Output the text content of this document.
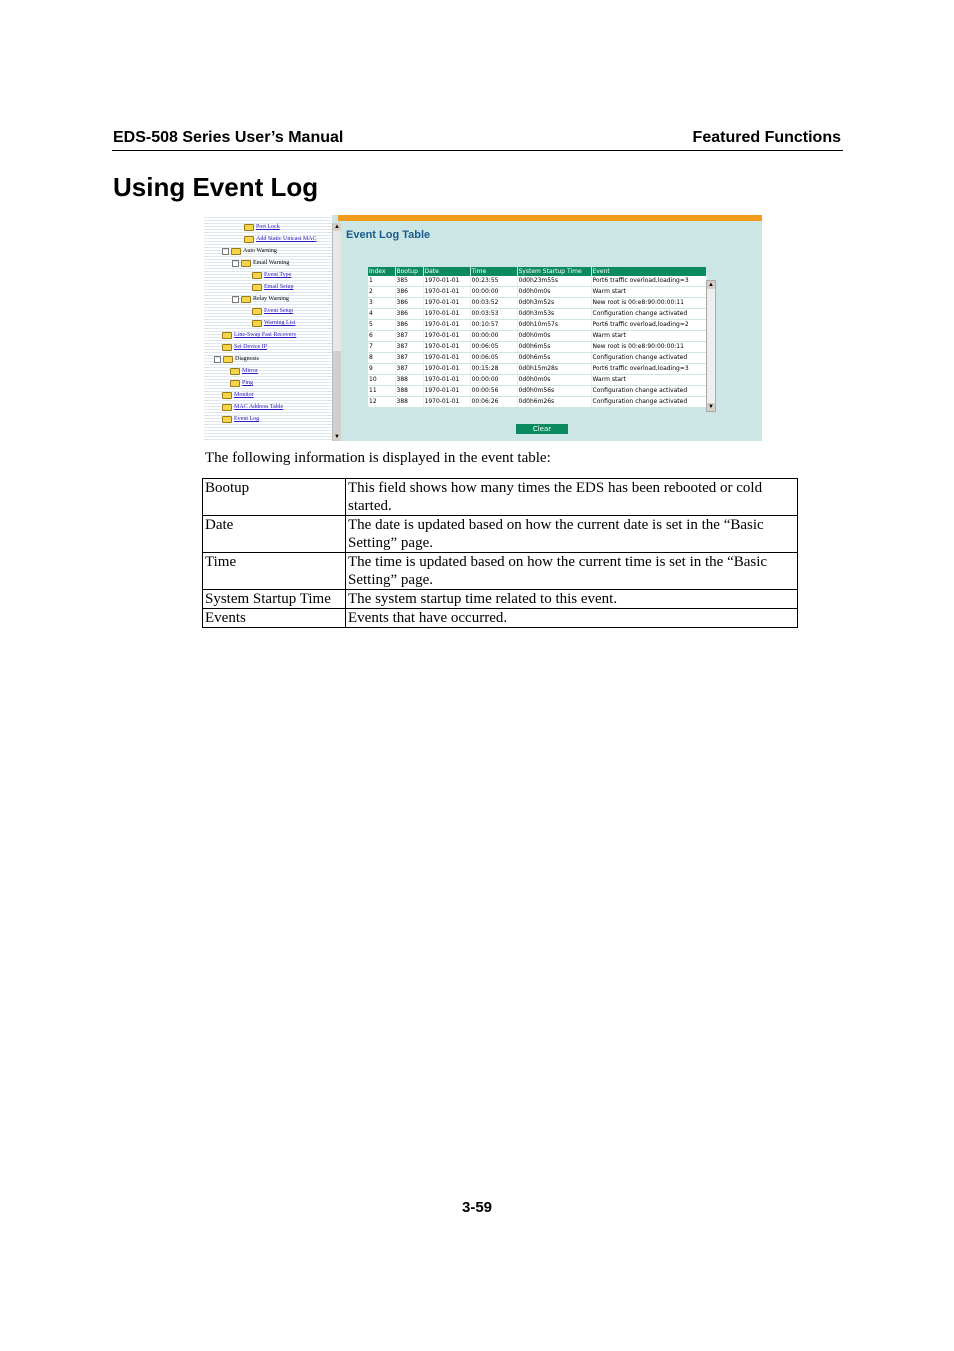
EDS-508 Series User’s Manual	Featured Functions
Using Event Log
Port Lock
Add Static Unicast MAC
−	Auto Warning
−	Email Warning
Event Type
Email Setup
−	Relay Warning
Event Setup
Warning List
Line-Swap Fast Recovery
Set Device IP
−	Diagnosis
Mirror
Ping
Monitor
MAC Address Table
Event Log
▲
▼
Event Log Table
Index	Bootup	Date	Time	System Startup Time	Event
1	385	1970-01-01	00:23:55	0d0h23m55s	Port6 traffic overload,loading=3
2	386	1970-01-01	00:00:00	0d0h0m0s	Warm start
3	386	1970-01-01	00:03:52	0d0h3m52s	New root is 00:e8:90:00:00:11
4	386	1970-01-01	00:03:53	0d0h3m53s	Configuration change activated
5	386	1970-01-01	00:10:57	0d0h10m57s	Port6 traffic overload,loading=2
6	387	1970-01-01	00:00:00	0d0h0m0s	Warm start
7	387	1970-01-01	00:06:05	0d0h6m5s	New root is 00:e8:90:00:00:11
8	387	1970-01-01	00:06:05	0d0h6m5s	Configuration change activated
9	387	1970-01-01	00:15:28	0d0h15m28s	Port6 traffic overload,loading=3
10	388	1970-01-01	00:00:00	0d0h0m0s	Warm start
11	388	1970-01-01	00:00:56	0d0h0m56s	Configuration change activated
12	388	1970-01-01	00:06:26	0d0h6m26s	Configuration change activated
▲
▼
Clear
The following information is displayed in the event table:
Bootup	This field shows how many times the EDS has been rebooted or cold started.
Date	The date is updated based on how the current date is set in the “Basic Setting” page.
Time	The time is updated based on how the current time is set in the “Basic Setting” page.
System Startup Time	The system startup time related to this event.
Events	Events that have occurred.
3-59
